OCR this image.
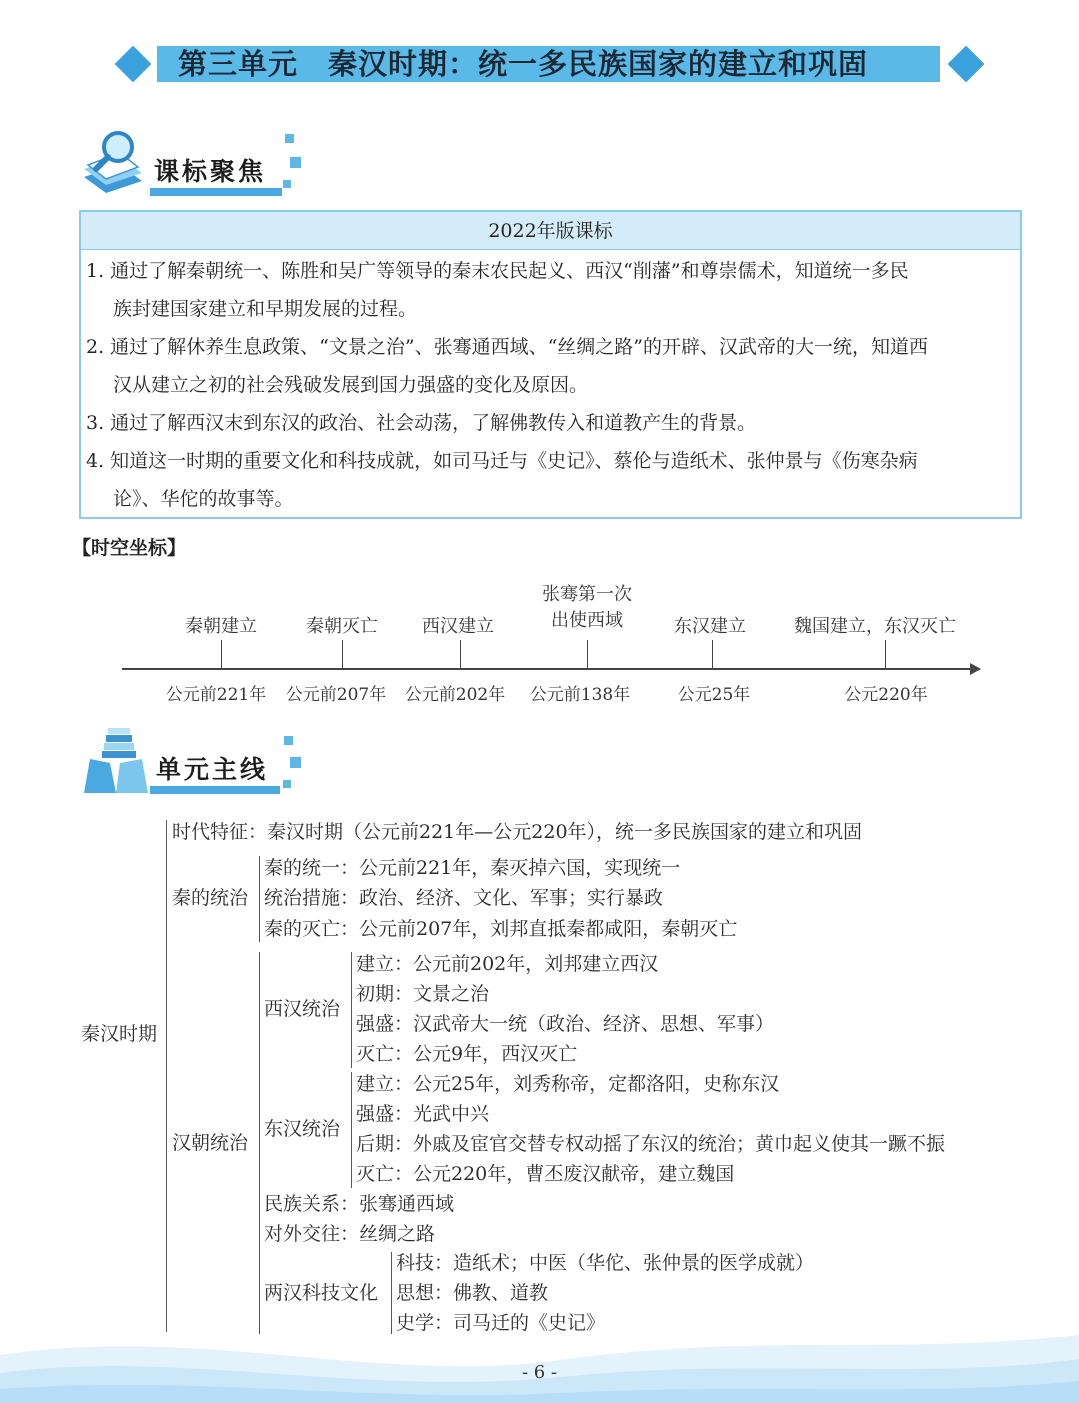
第三单元　秦汉时期：统一多民族国家的建立和巩固
课标聚焦
2022年版课标
1. 通过了解秦朝统一、陈胜和吴广等领导的秦末农民起义、西汉“削藩”和尊崇儒术，知道统一多民
族封建国家建立和早期发展的过程。
2. 通过了解休养生息政策、“文景之治”、张骞通西域、“丝绸之路”的开辟、汉武帝的大一统，知道西
汉从建立之初的社会残破发展到国力强盛的变化及原因。
3. 通过了解西汉末到东汉的政治、社会动荡，了解佛教传入和道教产生的背景。
4. 知道这一时期的重要文化和科技成就，如司马迁与《史记》、蔡伦与造纸术、张仲景与《伤寒杂病
论》、华佗的故事等。
【时空坐标】
秦朝建立	秦朝灭亡	西汉建立
张骞第一次
出使西域	东汉建立	魏国建立，东汉灭亡
公元前221年	公元前207年	公元前202年	公元前138年	公元25年	公元220年
单元主线
秦汉时期
时代特征：秦汉时期（公元前221年—公元220年），统一多民族国家的建立和巩固
秦的统治
秦的统一：公元前221年，秦灭掉六国，实现统一
统治措施：政治、经济、文化、军事；实行暴政
秦的灭亡：公元前207年，刘邦直抵秦都咸阳，秦朝灭亡
汉朝统治
西汉统治
建立：公元前202年，刘邦建立西汉
初期：文景之治
强盛：汉武帝大一统（政治、经济、思想、军事）
灭亡：公元9年，西汉灭亡
东汉统治
建立：公元25年，刘秀称帝，定都洛阳，史称东汉
强盛：光武中兴
后期：外戚及宦官交替专权动摇了东汉的统治；黄巾起义使其一蹶不振
灭亡：公元220年，曹丕废汉献帝，建立魏国
民族关系：张骞通西域
对外交往：丝绸之路
两汉科技文化
科技：造纸术；中医（华佗、张仲景的医学成就）
思想：佛教、道教
史学：司马迁的《史记》
- 6 -
